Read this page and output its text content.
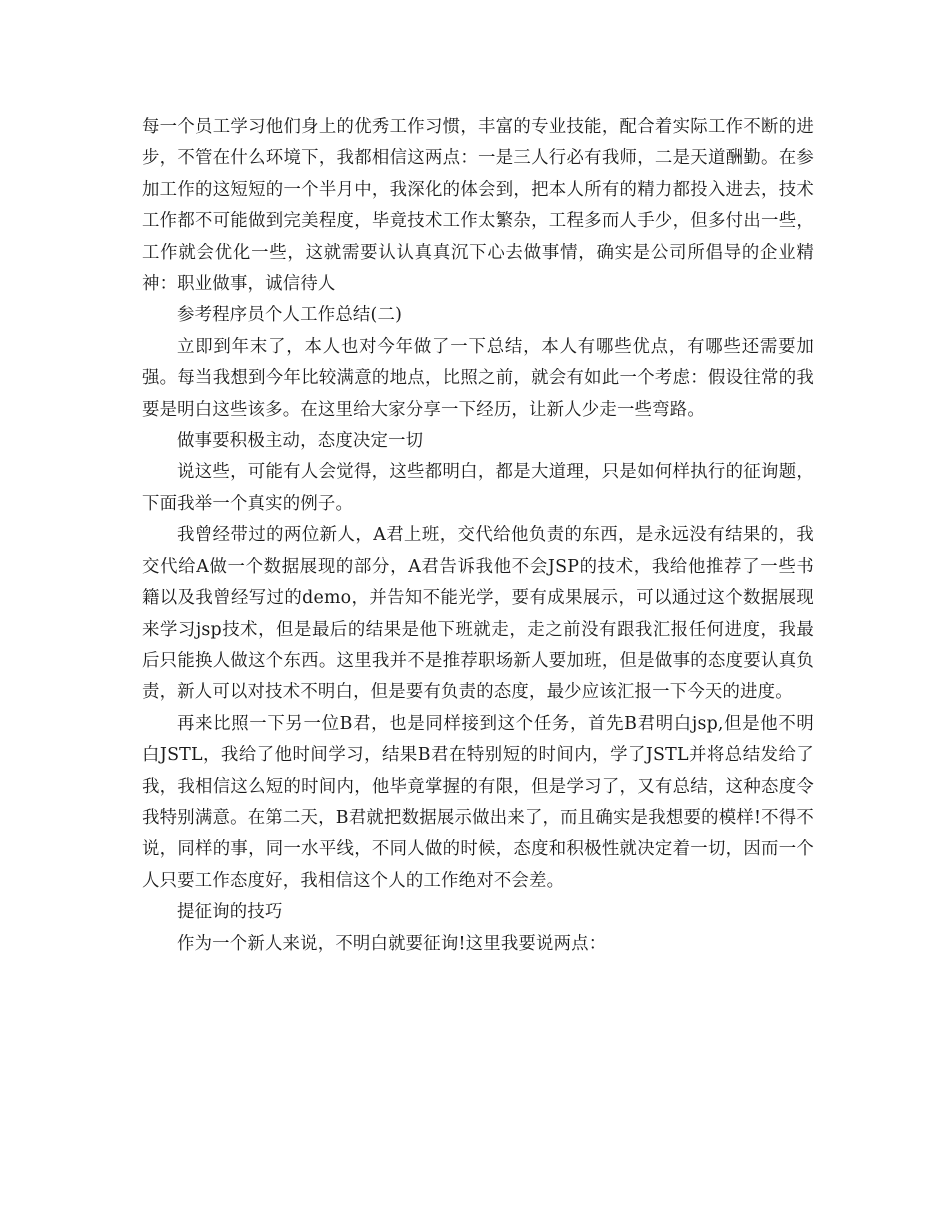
每一个员工学习他们身上的优秀工作习惯，丰富的专业技能，配合着实际工作不断的进步，不管在什么环境下，我都相信这两点：一是三人行必有我师，二是天道酬勤。在参加工作的这短短的一个半月中，我深化的体会到，把本人所有的精力都投入进去，技术工作都不可能做到完美程度，毕竟技术工作太繁杂，工程多而人手少，但多付出一些，工作就会优化一些，这就需要认认真真沉下心去做事情，确实是公司所倡导的企业精神：职业做事，诚信待人

参考程序员个人工作总结(二)

立即到年末了，本人也对今年做了一下总结，本人有哪些优点，有哪些还需要加强。每当我想到今年比较满意的地点，比照之前，就会有如此一个考虑：假设往常的我要是明白这些该多。在这里给大家分享一下经历，让新人少走一些弯路。

做事要积极主动，态度决定一切

说这些，可能有人会觉得，这些都明白，都是大道理，只是如何样执行的征询题，下面我举一个真实的例子。

我曾经带过的两位新人，A君上班，交代给他负责的东西，是永远没有结果的，我交代给A做一个数据展现的部分，A君告诉我他不会JSP的技术，我给他推荐了一些书籍以及我曾经写过的demo，并告知不能光学，要有成果展示，可以通过这个数据展现来学习jsp技术，但是最后的结果是他下班就走，走之前没有跟我汇报任何进度，我最后只能换人做这个东西。这里我并不是推荐职场新人要加班，但是做事的态度要认真负责，新人可以对技术不明白，但是要有负责的态度，最少应该汇报一下今天的进度。

再来比照一下另一位B君，也是同样接到这个任务，首先B君明白jsp,但是他不明白JSTL，我给了他时间学习，结果B君在特别短的时间内，学了JSTL并将总结发给了我，我相信这么短的时间内，他毕竟掌握的有限，但是学习了，又有总结，这种态度令我特别满意。在第二天，B君就把数据展示做出来了，而且确实是我想要的模样!不得不说，同样的事，同一水平线，不同人做的时候，态度和积极性就决定着一切，因而一个人只要工作态度好，我相信这个人的工作绝对不会差。

提征询的技巧

作为一个新人来说，不明白就要征询!这里我要说两点：
